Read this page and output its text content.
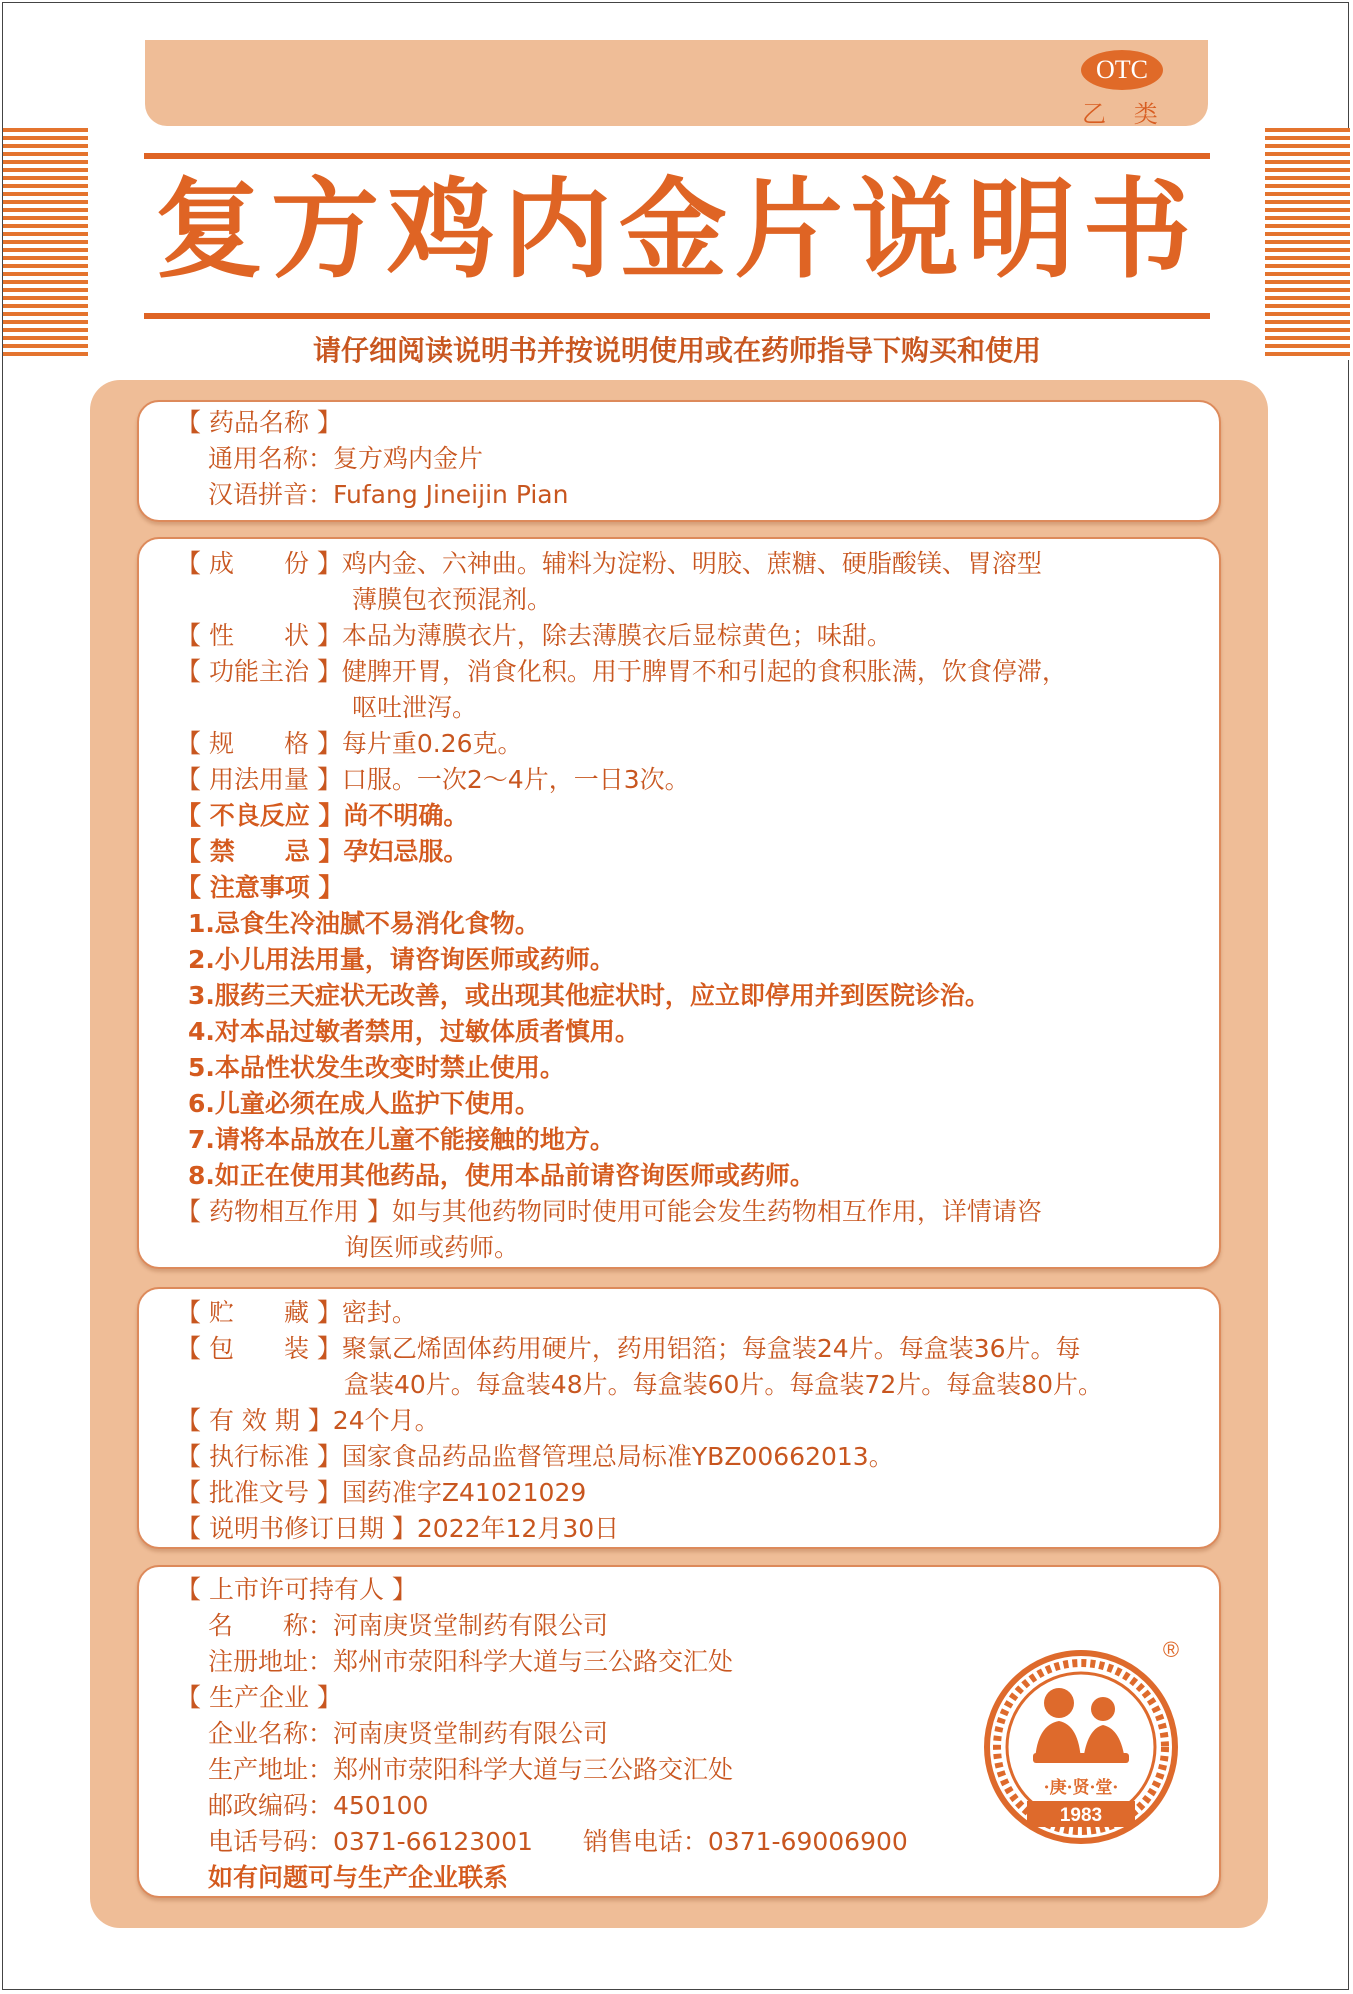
OTC
乙 类
复方鸡内金片说明书
请仔细阅读说明书并按说明使用或在药师指导下购买和使用
【 药品名称 】
通用名称：复方鸡内金片
汉语拼音：Fufang Jineijin Pian
【 成　　份 】鸡内金、六神曲。辅料为淀粉、明胶、蔗糖、硬脂酸镁、胃溶型
薄膜包衣预混剂。
【 性　　状 】本品为薄膜衣片，除去薄膜衣后显棕黄色；味甜。
【 功能主治 】健脾开胃，消食化积。用于脾胃不和引起的食积胀满，饮食停滞，
呕吐泄泻。
【 规　　格 】每片重0.26克。
【 用法用量 】口服。一次2～4片，一日3次。
【 不良反应 】尚不明确。
【 禁　　忌 】孕妇忌服。
【 注意事项 】
1.忌食生冷油腻不易消化食物。
2.小儿用法用量，请咨询医师或药师。
3.服药三天症状无改善，或出现其他症状时，应立即停用并到医院诊治。
4.对本品过敏者禁用，过敏体质者慎用。
5.本品性状发生改变时禁止使用。
6.儿童必须在成人监护下使用。
7.请将本品放在儿童不能接触的地方。
8.如正在使用其他药品，使用本品前请咨询医师或药师。
【 药物相互作用 】如与其他药物同时使用可能会发生药物相互作用，详情请咨
询医师或药师。
【 贮　　藏 】密封。
【 包　　装 】聚氯乙烯固体药用硬片，药用铝箔；每盒装24片。每盒装36片。每
盒装40片。每盒装48片。每盒装60片。每盒装72片。每盒装80片。
【 有 效 期 】24个月。
【 执行标准 】国家食品药品监督管理总局标准YBZ00662013。
【 批准文号 】国药准字Z41021029
【 说明书修订日期 】2022年12月30日
【 上市许可持有人 】
名　　称：河南庚贤堂制药有限公司
注册地址：郑州市荥阳科学大道与三公路交汇处
【 生产企业 】
企业名称：河南庚贤堂制药有限公司
生产地址：郑州市荥阳科学大道与三公路交汇处
邮政编码：450100
电话号码：0371-66123001　　销售电话：0371-69006900
如有问题可与生产企业联系
·庚·贤·堂·
1983
®
